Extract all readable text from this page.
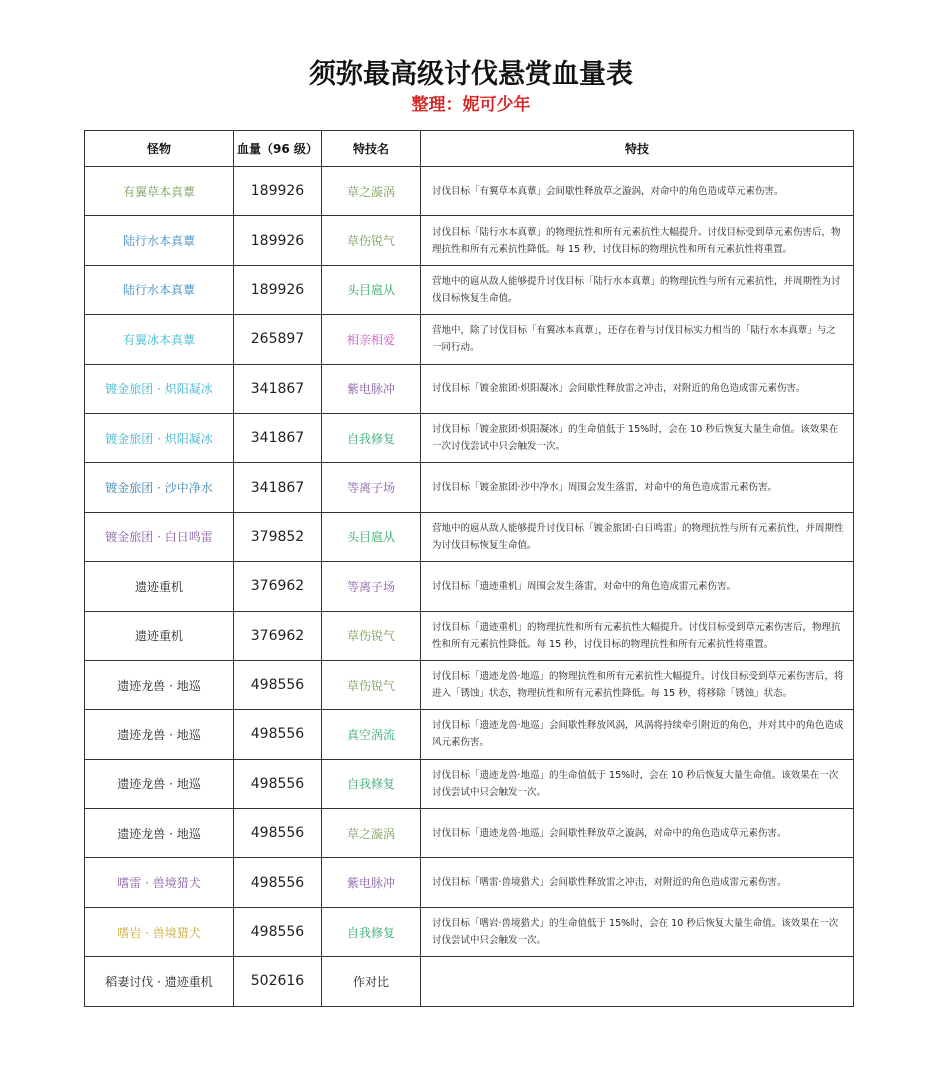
须弥最高级讨伐悬赏血量表
整理：妮可少年
怪物	血量（96 级）	特技名	特技
有翼草本真蕈	189926	草之漩涡	讨伐目标「有翼草本真蕈」会间歇性释放草之漩涡，对命中的角色造成草元素伤害。
陆行水本真蕈	189926	草伤锐气	讨伐目标「陆行水本真蕈」的物理抗性和所有元素抗性大幅提升。讨伐目标受到草元素伤害后，物理抗性和所有元素抗性降低。每 15 秒，讨伐目标的物理抗性和所有元素抗性将重置。
陆行水本真蕈	189926	头目扈从	营地中的扈从敌人能够提升讨伐目标「陆行水本真蕈」的物理抗性与所有元素抗性，并周期性为讨伐目标恢复生命值。
有翼冰本真蕈	265897	相亲相爱	营地中，除了讨伐目标「有翼冰本真蕈」，还存在着与讨伐目标实力相当的「陆行水本真蕈」与之一同行动。
镀金旅团 · 炽阳凝冰	341867	紫电脉冲	讨伐目标「镀金旅团·炽阳凝冰」会间歇性释放雷之冲击，对附近的角色造成雷元素伤害。
镀金旅团 · 炽阳凝冰	341867	自我修复	讨伐目标「镀金旅团·炽阳凝冰」的生命值低于 15%时，会在 10 秒后恢复大量生命值。该效果在一次讨伐尝试中只会触发一次。
镀金旅团 · 沙中净水	341867	等离子场	讨伐目标「镀金旅团·沙中净水」周围会发生落雷，对命中的角色造成雷元素伤害。
镀金旅团 · 白日鸣雷	379852	头目扈从	营地中的扈从敌人能够提升讨伐目标「镀金旅团·白日鸣雷」的物理抗性与所有元素抗性，并周期性为讨伐目标恢复生命值。
遗迹重机	376962	等离子场	讨伐目标「遗迹重机」周围会发生落雷，对命中的角色造成雷元素伤害。
遗迹重机	376962	草伤锐气	讨伐目标「遗迹重机」的物理抗性和所有元素抗性大幅提升。讨伐目标受到草元素伤害后，物理抗性和所有元素抗性降低。每 15 秒，讨伐目标的物理抗性和所有元素抗性将重置。
遗迹龙兽 · 地巡	498556	草伤锐气	讨伐目标「遗迹龙兽·地巡」的物理抗性和所有元素抗性大幅提升。讨伐目标受到草元素伤害后，将进入「锈蚀」状态，物理抗性和所有元素抗性降低。每 15 秒，将移除「锈蚀」状态。
遗迹龙兽 · 地巡	498556	真空涡流	讨伐目标「遗迹龙兽·地巡」会间歇性释放风涡，风涡将持续牵引附近的角色，并对其中的角色造成风元素伤害。
遗迹龙兽 · 地巡	498556	自我修复	讨伐目标「遗迹龙兽·地巡」的生命值低于 15%时，会在 10 秒后恢复大量生命值。该效果在一次讨伐尝试中只会触发一次。
遗迹龙兽 · 地巡	498556	草之漩涡	讨伐目标「遗迹龙兽·地巡」会间歇性释放草之漩涡，对命中的角色造成草元素伤害。
嗜雷 · 兽境猎犬	498556	紫电脉冲	讨伐目标「嗜雷·兽境猎犬」会间歇性释放雷之冲击，对附近的角色造成雷元素伤害。
嗜岩 · 兽境猎犬	498556	自我修复	讨伐目标「嗜岩·兽境猎犬」的生命值低于 15%时，会在 10 秒后恢复大量生命值。该效果在一次讨伐尝试中只会触发一次。
稻妻讨伐 · 遗迹重机	502616	作对比	
